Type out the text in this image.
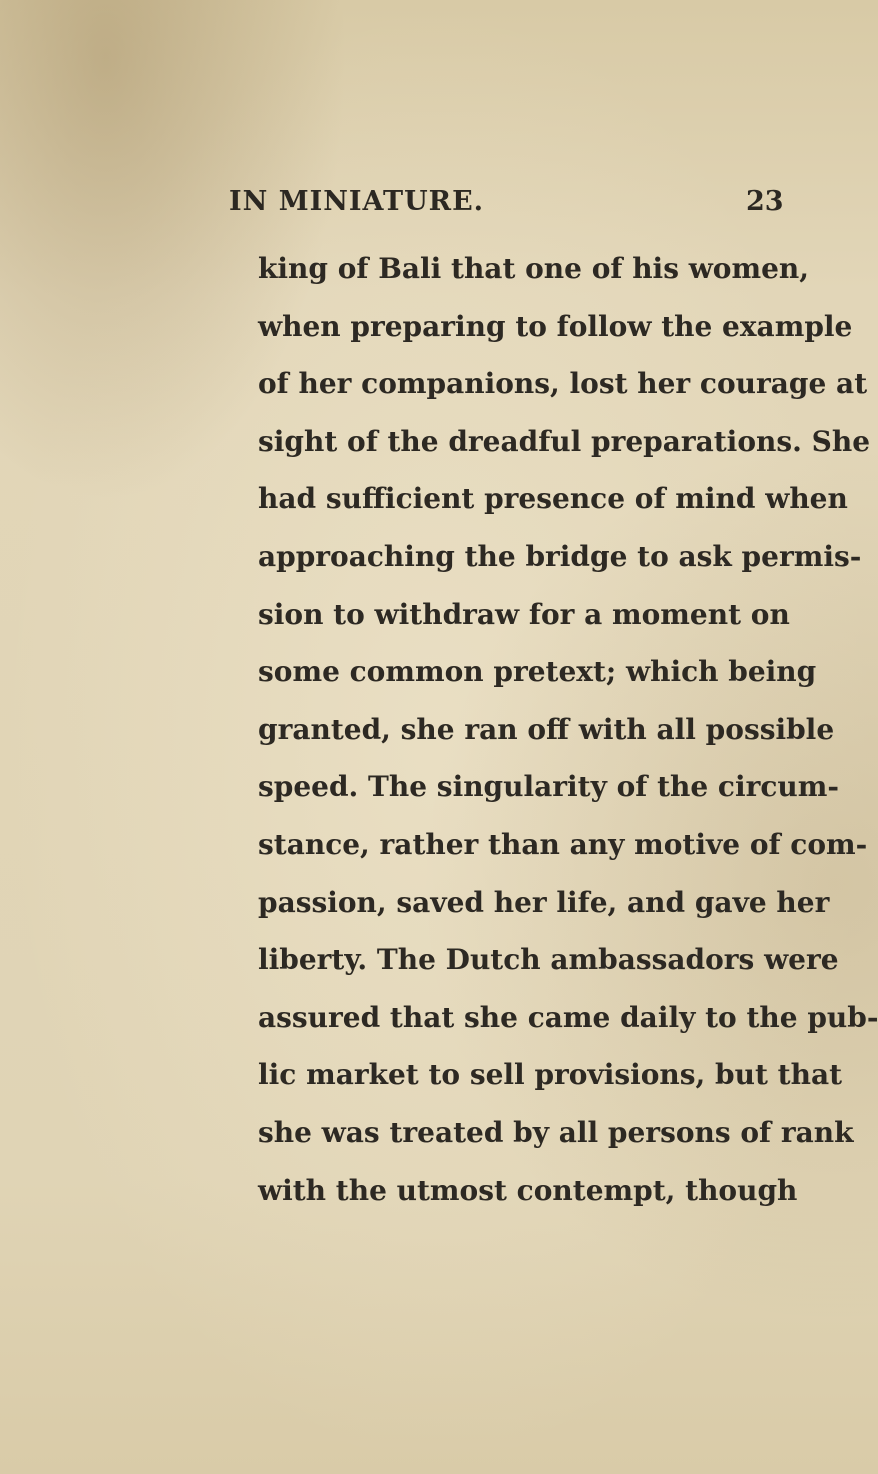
IN MINIATURE.	23
king of Bali that one of his women,
when preparing to follow the example
of her companions, lost her courage at
sight of the dreadful preparations. She
had sufficient presence of mind when
approaching the bridge to ask permis-
sion to withdraw for a moment on
some common pretext; which being
granted, she ran off with all possible
speed. The singularity of the circum-
stance, rather than any motive of com-
passion, saved her life, and gave her
liberty. The Dutch ambassadors were
assured that she came daily to the pub-
lic market to sell provisions, but that
she was treated by all persons of rank
with the utmost contempt, though
